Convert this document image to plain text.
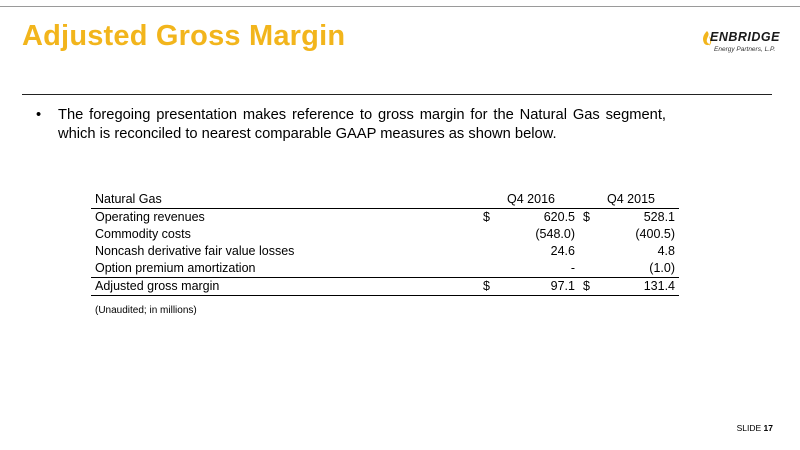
Adjusted Gross Margin	ENBRIDGE
Energy Partners, L.P.
•	The foregoing presentation makes reference to gross margin for the Natural Gas segment, which is reconciled to nearest comparable GAAP measures as shown below.
Natural Gas	Q4 2016		Q4 2015	
Operating revenues	$	620.5	$	528.1
Commodity costs		(548.0)		(400.5)
Noncash derivative fair value losses		24.6		4.8
Option premium amortization		-		(1.0)
Adjusted gross margin	$	97.1	$	131.4
(Unaudited; in millions)
SLIDE 17
